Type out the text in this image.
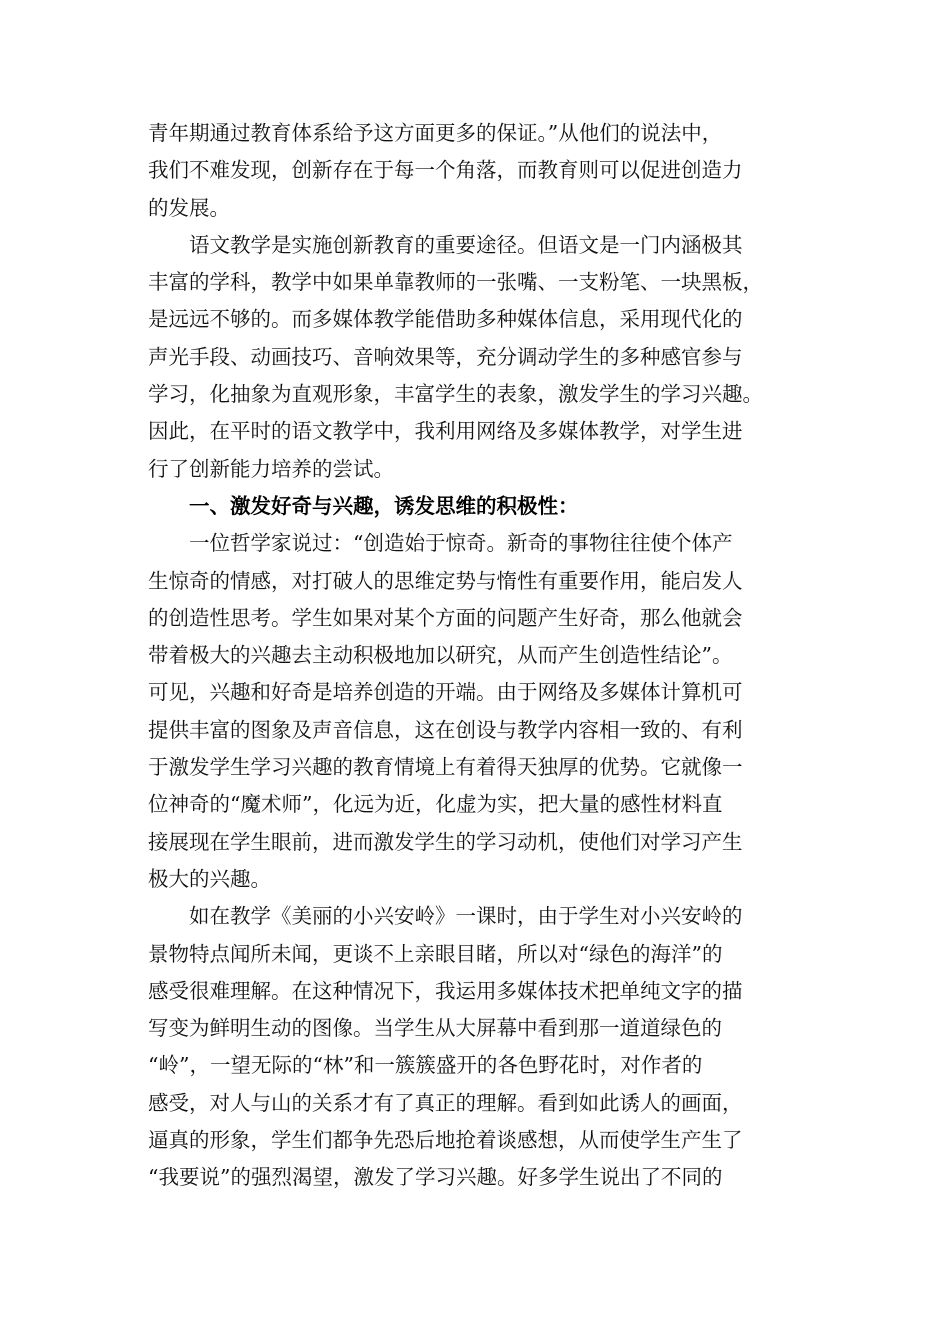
青年期通过教育体系给予这方面更多的保证。”从他们的说法中，
我们不难发现，创新存在于每一个角落，而教育则可以促进创造力
的发展。
语文教学是实施创新教育的重要途径。但语文是一门内涵极其
丰富的学科，教学中如果单靠教师的一张嘴、一支粉笔、一块黑板，
是远远不够的。而多媒体教学能借助多种媒体信息，采用现代化的
声光手段、动画技巧、音响效果等，充分调动学生的多种感官参与
学习，化抽象为直观形象，丰富学生的表象，激发学生的学习兴趣。
因此，在平时的语文教学中，我利用网络及多媒体教学，对学生进
行了创新能力培养的尝试。
一、激发好奇与兴趣，诱发思维的积极性：
一位哲学家说过：“创造始于惊奇。新奇的事物往往使个体产
生惊奇的情感，对打破人的思维定势与惰性有重要作用，能启发人
的创造性思考。学生如果对某个方面的问题产生好奇，那么他就会
带着极大的兴趣去主动积极地加以研究，从而产生创造性结论”。
可见，兴趣和好奇是培养创造的开端。由于网络及多媒体计算机可
提供丰富的图象及声音信息，这在创设与教学内容相一致的、有利
于激发学生学习兴趣的教育情境上有着得天独厚的优势。它就像一
位神奇的“魔术师”，化远为近，化虚为实，把大量的感性材料直
接展现在学生眼前，进而激发学生的学习动机，使他们对学习产生
极大的兴趣。
如在教学《美丽的小兴安岭》一课时，由于学生对小兴安岭的
景物特点闻所未闻，更谈不上亲眼目睹，所以对“绿色的海洋”的
感受很难理解。在这种情况下，我运用多媒体技术把单纯文字的描
写变为鲜明生动的图像。当学生从大屏幕中看到那一道道绿色的
“岭”，一望无际的“林”和一簇簇盛开的各色野花时，对作者的
感受，对人与山的关系才有了真正的理解。看到如此诱人的画面，
逼真的形象，学生们都争先恐后地抢着谈感想，从而使学生产生了
“我要说”的强烈渴望，激发了学习兴趣。好多学生说出了不同的
